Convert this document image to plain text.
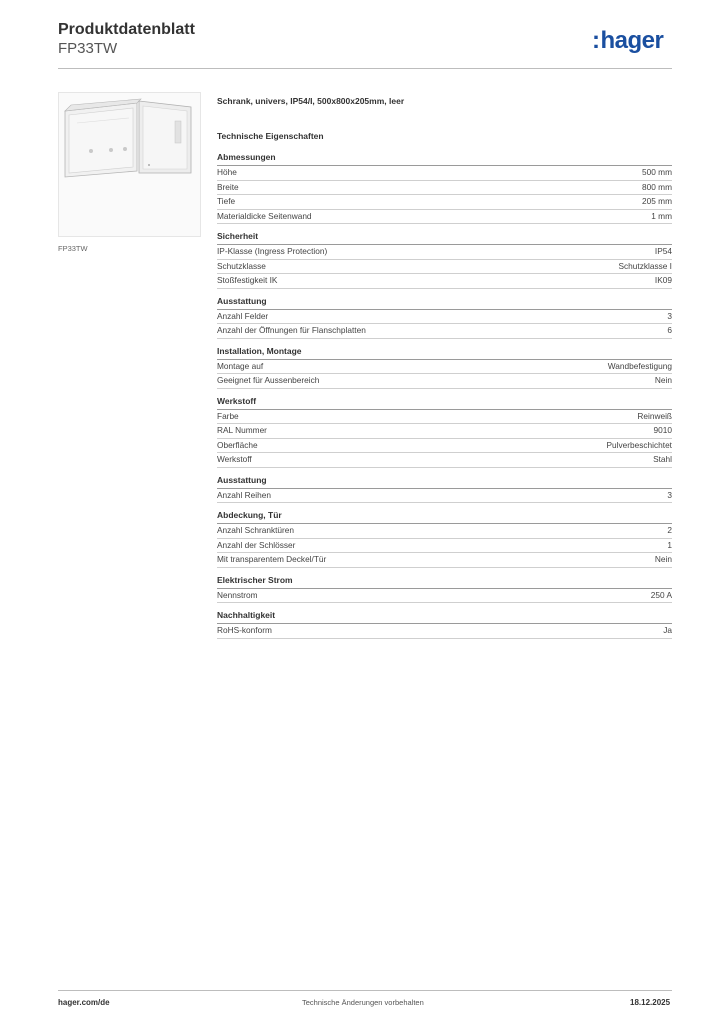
Produktdatenblatt
FP33TW	:hager
FP33TW
Schrank, univers, IP54/I, 500x800x205mm, leer
Technische Eigenschaften
Abmessungen
Höhe	500 mm
Breite	800 mm
Tiefe	205 mm
Materialdicke Seitenwand	1 mm
Sicherheit
IP-Klasse (Ingress Protection)	IP54
Schutzklasse	Schutzklasse I
Stoßfestigkeit IK	IK09
Ausstattung
Anzahl Felder	3
Anzahl der Öffnungen für Flanschplatten	6
Installation, Montage
Montage auf	Wandbefestigung
Geeignet für Aussenbereich	Nein
Werkstoff
Farbe	Reinweiß
RAL Nummer	9010
Oberfläche	Pulverbeschichtet
Werkstoff	Stahl
Ausstattung
Anzahl Reihen	3
Abdeckung, Tür
Anzahl Schranktüren	2
Anzahl der Schlösser	1
Mit transparentem Deckel/Tür	Nein
Elektrischer Strom
Nennstrom	250 A
Nachhaltigkeit
RoHS-konform	Ja
hager.com/de	Technische Änderungen vorbehalten	18.12.2025
